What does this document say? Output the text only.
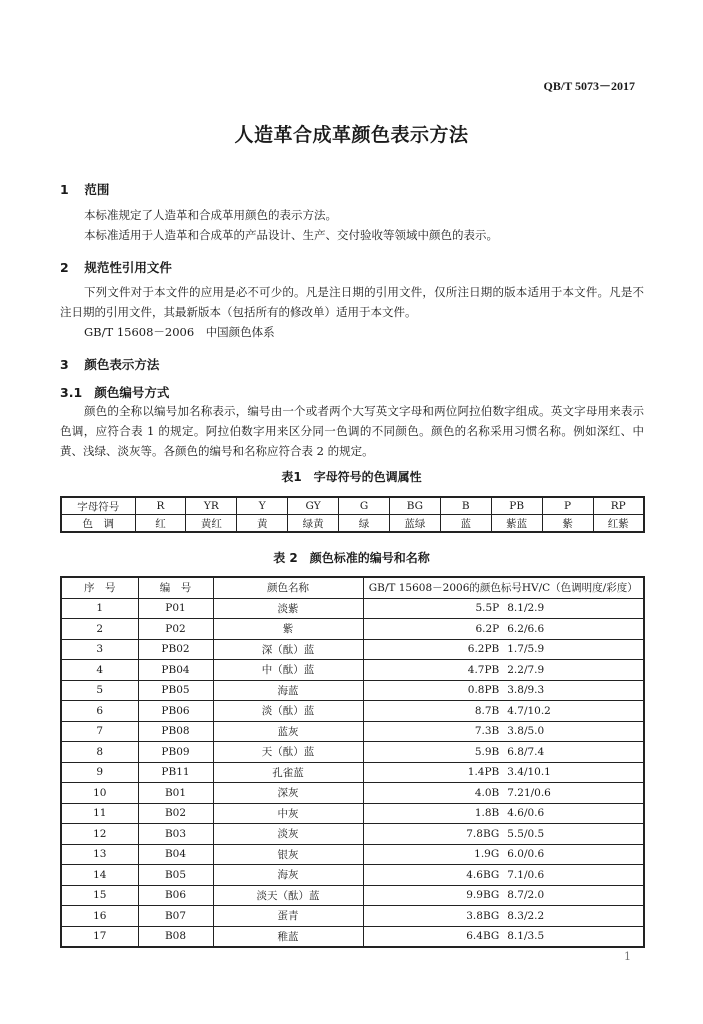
QB/T 5073－2017
人造革合成革颜色表示方法
1 范围
本标准规定了人造革和合成革用颜色的表示方法。
本标准适用于人造革和合成革的产品设计、生产、交付验收等领域中颜色的表示。
2 规范性引用文件
下列文件对于本文件的应用是必不可少的。凡是注日期的引用文件，仅所注日期的版本适用于本文件。凡是不注日期的引用文件，其最新版本（包括所有的修改单）适用于本文件。
GB/T 15608－2006　中国颜色体系
3 颜色表示方法
3.1 颜色编号方式
颜色的全称以编号加名称表示，编号由一个或者两个大写英文字母和两位阿拉伯数字组成。英文字母用来表示色调，应符合表 1 的规定。阿拉伯数字用来区分同一色调的不同颜色。颜色的名称采用习惯名称。例如深红、中黄、浅绿、淡灰等。各颜色的编号和名称应符合表 2 的规定。
表1　字母符号的色调属性
字母符号	R	YR	Y	GY	G	BG	B	PB	P	RP
色　调	红	黄红	黄	绿黄	绿	蓝绿	蓝	紫蓝	紫	红紫
表 2　颜色标准的编号和名称
序　号	编　号	颜色名称	GB/T 15608－2006的颜色标号HV/C（色调明度/彩度）
1	P01	淡紫	5.5P 8.1/2.9
2	P02	紫	6.2P 6.2/6.6
3	PB02	深（酞）蓝	6.2PB 1.7/5.9
4	PB04	中（酞）蓝	4.7PB 2.2/7.9
5	PB05	海蓝	0.8PB 3.8/9.3
6	PB06	淡（酞）蓝	8.7B 4.7/10.2
7	PB08	蓝灰	7.3B 3.8/5.0
8	PB09	天（酞）蓝	5.9B 6.8/7.4
9	PB11	孔雀蓝	1.4PB 3.4/10.1
10	B01	深灰	4.0B 7.21/0.6
11	B02	中灰	1.8B 4.6/0.6
12	B03	淡灰	7.8BG 5.5/0.5
13	B04	银灰	1.9G 6.0/0.6
14	B05	海灰	4.6BG 7.1/0.6
15	B06	淡天（酞）蓝	9.9BG 8.7/2.0
16	B07	蛋青	3.8BG 8.3/2.2
17	B08	稚蓝	6.4BG 8.1/3.5
1
